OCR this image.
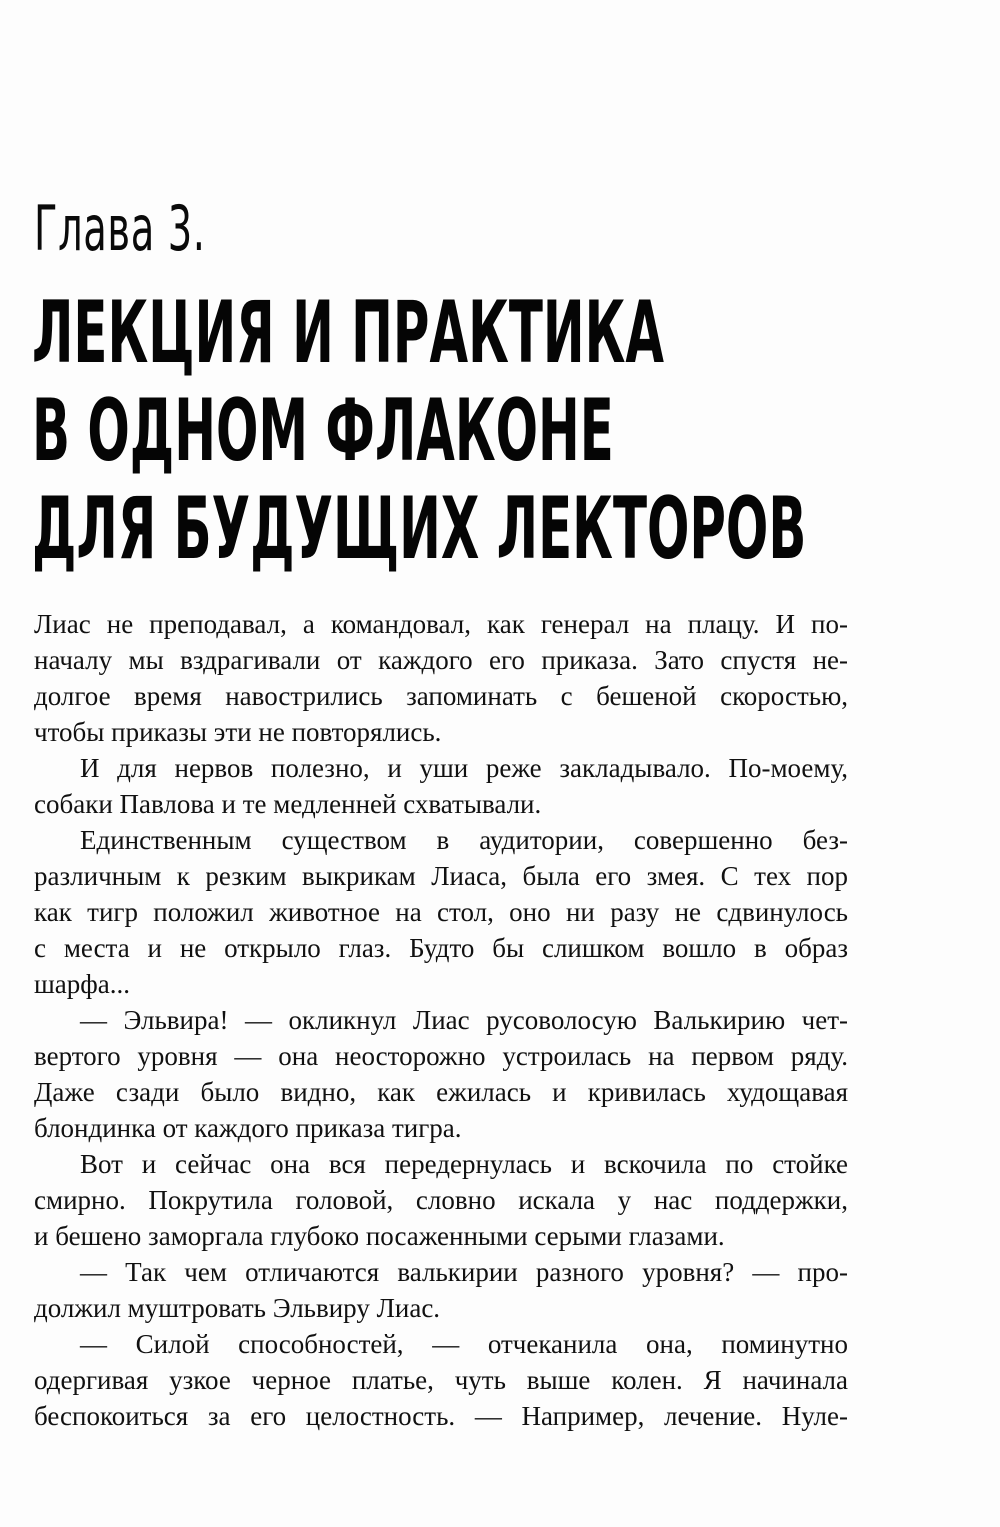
Глава 3.
ЛЕКЦИЯ И ПРАКТИКА
В ОДНОМ ФЛАКОНЕ
ДЛЯ БУДУЩИХ ЛЕКТОРОВ
Лиас не преподавал, а командовал, как генерал на плацу. И по-
началу мы вздрагивали от каждого его приказа. Зато спустя не-
долгое время навострились запоминать с бешеной скоростью,
чтобы приказы эти не повторялись.
И для нервов полезно, и уши реже закладывало. По-моему,
собаки Павлова и те медленней схватывали.
Единственным существом в аудитории, совершенно без-
различным к резким выкрикам Лиаса, была его змея. С тех пор
как тигр положил животное на стол, оно ни разу не сдвинулось
с места и не открыло глаз. Будто бы слишком вошло в образ
шарфа...
— Эльвира! — окликнул Лиас русоволосую Валькирию чет-
вертого уровня — она неосторожно устроилась на первом ряду.
Даже сзади было видно, как ежилась и кривилась худощавая
блондинка от каждого приказа тигра.
Вот и сейчас она вся передернулась и вскочила по стойке
смирно. Покрутила головой, словно искала у нас поддержки,
и бешено заморгала глубоко посаженными серыми глазами.
— Так чем отличаются валькирии разного уровня? — про-
должил муштровать Эльвиру Лиас.
— Силой способностей, — отчеканила она, поминутно
одергивая узкое черное платье, чуть выше колен. Я начинала
беспокоиться за его целостность. — Например, лечение. Нуле-
